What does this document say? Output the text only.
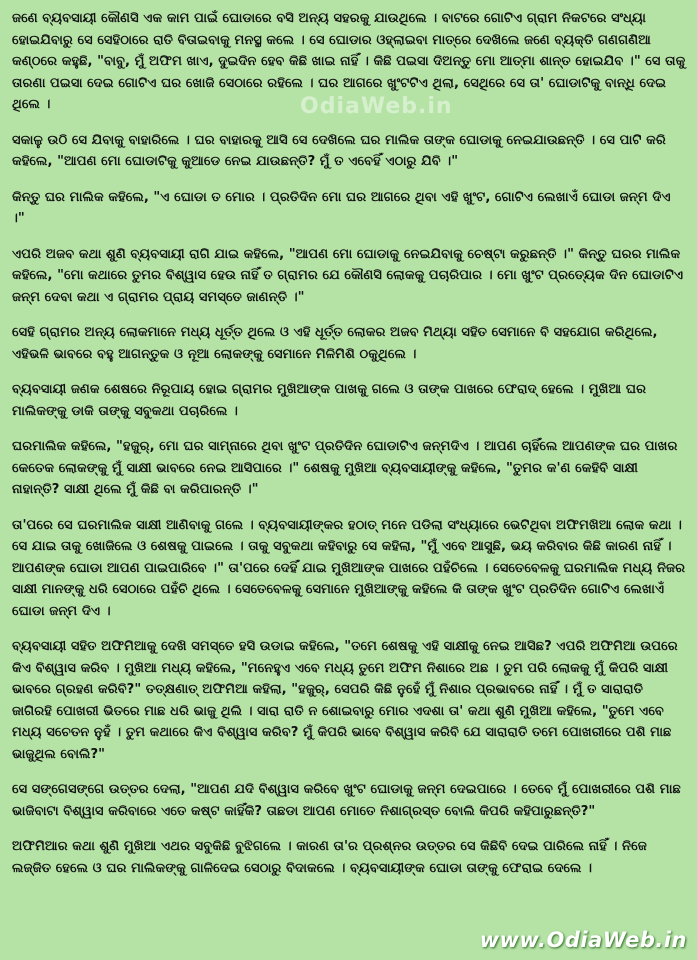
ଜଣେ ବ୍ୟବସାୟୀ କୌଣସି ଏକ କାମ ପାଇଁ ଘୋଡାରେ ବସି ଅନ୍ୟ ସହରକୁ ଯାଉଥିଲେ । ବାଟରେ ଗୋଟିଏ ଗ୍ରାମ ନିକଟରେ ସଂଧ୍ୟା ହୋଇଯିବାରୁ ସେ ସେହିଠାରେ ରାତି ବିତାଇବାକୁ ମନସ୍ଥ କଲେ । ସେ ଘୋଡାର ଓହ୍ଲାଇବା ମାତ୍ରେ ଦେଖିଲେ ଜଣେ ବ୍ୟକ୍ତି ଗଣଗଣିଆ କଣ୍ଠରେ କହୁଛି, "ବାବୁ, ମୁଁ ଅଫିମ ଖାଏ, ଦୁଇଦିନ ହେବ କିଛି ଖାଇ ନାହିଁ । କିଛି ପଇସା ଦିଅନ୍ତୁ ମୋ ଆତ୍ମା ଶାନ୍ତ ହୋଇଯିବ ।" ସେ ତାକୁ ତାରଣା ପଇସା ଦେଇ ଗୋଟିଏ ଘର ଖୋଜି ସେଠାରେ ରହିଲେ । ଘର ଆଗରେ ଖୁଂଟଟିଏ ଥିଲା, ସେଥିରେ ସେ ତା' ଘୋଡାଟିକୁ ବାନ୍ଧି ଦେଇ ଥିଲେ ।

ସକାଳୁ ଉଠି ସେ ଯିବାକୁ ବାହାରିଲେ । ଘର ବାହାରକୁ ଆସି ସେ ଦେଖିଲେ ଘର ମାଲିକ ତାଙ୍କ ଘୋଡାକୁ ନେଇଯାଉଛନ୍ତି । ସେ ପାଟି କରି କହିଲେ, "ଆପଣ ମୋ ଘୋଡାଟିକୁ କୁଆଡେ ନେଇ ଯାଉଛନ୍ତି? ମୁଁ ତ ଏବେହିଁ ଏଠାରୁ ଯିବି ।"

କିନ୍ତୁ ଘର ମାଲିକ କହିଲେ, "ଏ ଘୋଡା ତ ମୋର । ପ୍ରତିଦିନ ମୋ ଘର ଆଗରେ ଥିବା ଏହି ଖୁଂଟ, ଗୋଟିଏ ଲେଖାଏଁ ଘୋଡା ଜନ୍ମ ଦିଏ ।"

ଏପରି ଅଜବ କଥା ଶୁଣି ବ୍ୟବସାୟୀ ରାଗି ଯାଇ କହିଲେ, "ଆପଣ ମୋ ଘୋଡାକୁ ନେଇଯିବାକୁ ଚେଷ୍ଟା କରୁଛନ୍ତି ।" କିନ୍ତୁ ଘରର ମାଲିକ କହିଲେ, "ମୋ କଥାରେ ତୁମର ବିଶ୍ୱାସ ହେଉ ନାହିଁ ତ ଗ୍ରାମର ଯେ କୌଣସି ଲୋକକୁ ପଚାରିପାର । ମୋ ଖୁଂଟ ପ୍ରତ୍ୟେକ ଦିନ ଘୋଡାଟିଏ ଜନ୍ମ ଦେବା କଥା ଏ ଗ୍ରାମର ପ୍ରାୟ ସମସ୍ତେ ଜାଣନ୍ତି ।"

ସେହି ଗ୍ରାମର ଅନ୍ୟ ଲୋକମାନେ ମଧ୍ୟ ଧୂର୍ତ୍ତ ଥିଲେ ଓ ଏହି ଧୂର୍ତ୍ତ ଲୋକର ଅଜବ ମିଥ୍ୟା ସହିତ ସେମାନେ ବି ସହଯୋଗ କରିଥିଲେ, ଏହିଭଳି ଭାବରେ ବହୁ ଆଗନ୍ତୁକ ଓ ନୂଆ ଲୋକଙ୍କୁ ସେମାନେ ମିଳିମିଶି ଠକୁଥିଲେ ।

ବ୍ୟବସାୟୀ ଜଣକ ଶେଷରେ ନିରୂପାୟ ହୋଇ ଗ୍ରାମର ମୁଖିଆଙ୍କ ପାଖକୁ ଗଲେ ଓ ତାଙ୍କ ପାଖରେ ଫେରାଦ୍ ହେଲେ । ମୁଖିଆ ଘର ମାଲିକଙ୍କୁ ଡାକି ତାଙ୍କୁ ସବୁକଥା ପଚାରିଲେ ।

ଘରମାଲିକ କହିଲେ, "ହଜୁର୍, ମୋ ଘର ସାମ୍ନାରେ ଥିବା ଖୁଂଟ ପ୍ରତିଦିନ ଘୋଡାଟିଏ ଜନ୍ମଦିଏ । ଆପଣ ଚାହିଁଲେ ଆପଣଙ୍କ ଘର ପାଖର କେତେକ ଲୋକଙ୍କୁ ମୁଁ ସାକ୍ଷୀ ଭାବରେ ନେଇ ଆସିପାରେ ।" ଶେଷକୁ ମୁଖିଆ ବ୍ୟବସାୟୀଙ୍କୁ କହିଲେ, "ତୁମର କ'ଣ କେହିବି ସାକ୍ଷୀ ନାହାନ୍ତି? ସାକ୍ଷୀ ଥିଲେ ମୁଁ କିଛି ବା କରିପାରନ୍ତି ।"

ତା'ପରେ ସେ ଘରମାଲିକ ସାକ୍ଷୀ ଆଣିବାକୁ ଗଲେ । ବ୍ୟବସାୟୀଙ୍କର ହଠାତ୍ ମନେ ପଡିଲା ସଂଧ୍ୟାରେ ଭେଟିଥିବା ଅଫିମଖିଆ ଲୋକ କଥା । ସେ ଯାଇ ତାକୁ ଖୋଜିଲେ ଓ ଶେଷକୁ ପାଇଲେ । ତାକୁ ସବୁକଥା କହିବାରୁ ସେ କହିଲା, "ମୁଁ ଏବେ ଆସୁଛି, ଭୟ କରିବାର କିଛି କାରଣ ନାହିଁ । ଆପଣଙ୍କ ଘୋଡା ଆପଣ ପାଇପାରିବେ ।" ତା'ପରେ ଦେହିଁ ଯାଇ ମୁଖିଆଙ୍କ ପାଖରେ ପହଁଚିଲେ । ସେତେବେଳକୁ ଘରମାଲିକ ମଧ୍ୟ ନିଜର ସାକ୍ଷୀ ମାନଙ୍କୁ ଧରି ସେଠାରେ ପହଁଚି ଥିଲେ । ସେତେବେଳକୁ ସେମାନେ ମୁଖିଆଙ୍କୁ କହିଲେ କି ତାଙ୍କ ଖୁଂଟ ପ୍ରତିଦିନ ଗୋଟିଏ ଲେଖାଏଁ ଘୋଡା ଜନ୍ମ ଦିଏ ।

ବ୍ୟବସାୟୀ ସହିତ ଅଫିମିଆକୁ ଦେଖି ସମସ୍ତେ ହସି ଉଡାଇ କହିଲେ, "ତମେ ଶେଷକୁ ଏହି ସାକ୍ଷୀକୁ ନେଇ ଆସିଛ? ଏପରି ଅଫିମିଆ ଉପରେ କିଏ ବିଶ୍ୱାସ କରିବ । ମୁଖିଆ ମଧ୍ୟ କହିଲେ, "ମନେହୁଏ ଏବେ ମଧ୍ୟ ତୁମେ ଅଫିମ ନିଶାରେ ଅଛ । ତୁମ ପରି ଲୋକକୁ ମୁଁ କିପରି ସାକ୍ଷୀ ଭାବରେ ଗ୍ରହଣ କରିବି?" ତତ୍କ୍ଷଣାତ୍ ଅଫିମିଆ କହିଲା, "ହଜୁର୍, ସେପରି କିଛି ନୁହେଁ ମୁଁ ନିଶାର ପ୍ରଭାବରେ ନାହିଁ । ମୁଁ ତ ସାରାରାତି ଜାଗିରହି ପୋଖରୀ ଭିତରେ ମାଛ ଧରି ଭାଜୁ ଥିଲି । ସାରା ରାତି ନ ଶୋଇବାରୁ ମୋର ଏଦଶା ତା' କଥା ଶୁଣି ମୁଖିଆ କହିଲେ, "ତୁମେ ଏବେ ମଧ୍ୟ ସଚେତନ ନୁହଁ । ତୁମ କଥାରେ କିଏ ବିଶ୍ୱାସ କରିବ? ମୁଁ କିପରି ଭାବେ ବିଶ୍ୱାସ କରିବି ଯେ ସାରାରାତି ତମେ ପୋଖରୀରେ ପଶି ମାଛ ଭାଜୁଥିଲ ବୋଲି?"

ସେ ସଙ୍ଗେସଙ୍ଗେ ଉତ୍ତର ଦେଲା, "ଆପଣ ଯଦି ବିଶ୍ୱାସ କରିବେ ଖୁଂଟ ଘୋଡାକୁ ଜନ୍ମ ଦେଇପାରେ । ତେବେ ମୁଁ ପୋଖରୀରେ ପଶି ମାଛ ଭାଜିବାଟା ବିଶ୍ୱାସ କରିବାରେ ଏତେ କଷ୍ଟ କାହିଁକି? ତାଛଡା ଆପଣ ମୋତେ ନିଶାଗ୍ରସ୍ତ ବୋଲି କିପରି କହିପାରୁଛନ୍ତି?"

ଅଫିମିଆର କଥା ଶୁଣି ମୁଖିଆ ଏଥର ସବୁକିଛି ବୁଝିଗଲେ । କାରଣ ତା'ର ପ୍ରଶ୍ନର ଉତ୍ତର ସେ କିଛିବି ଦେଇ ପାରିଲେ ନାହିଁ । ନିଜେ ଲଜ୍ଜିତ ହେଲେ ଓ ଘର ମାଲିକଙ୍କୁ ଗାଳିଦେଇ ସେଠାରୁ ବିଦାକଲେ । ବ୍ୟବସାୟୀଙ୍କ ଘୋଡା ତାଙ୍କୁ ଫେରାଇ ଦେଲେ ।

OdiaWeb.in
www.OdiaWeb.in
